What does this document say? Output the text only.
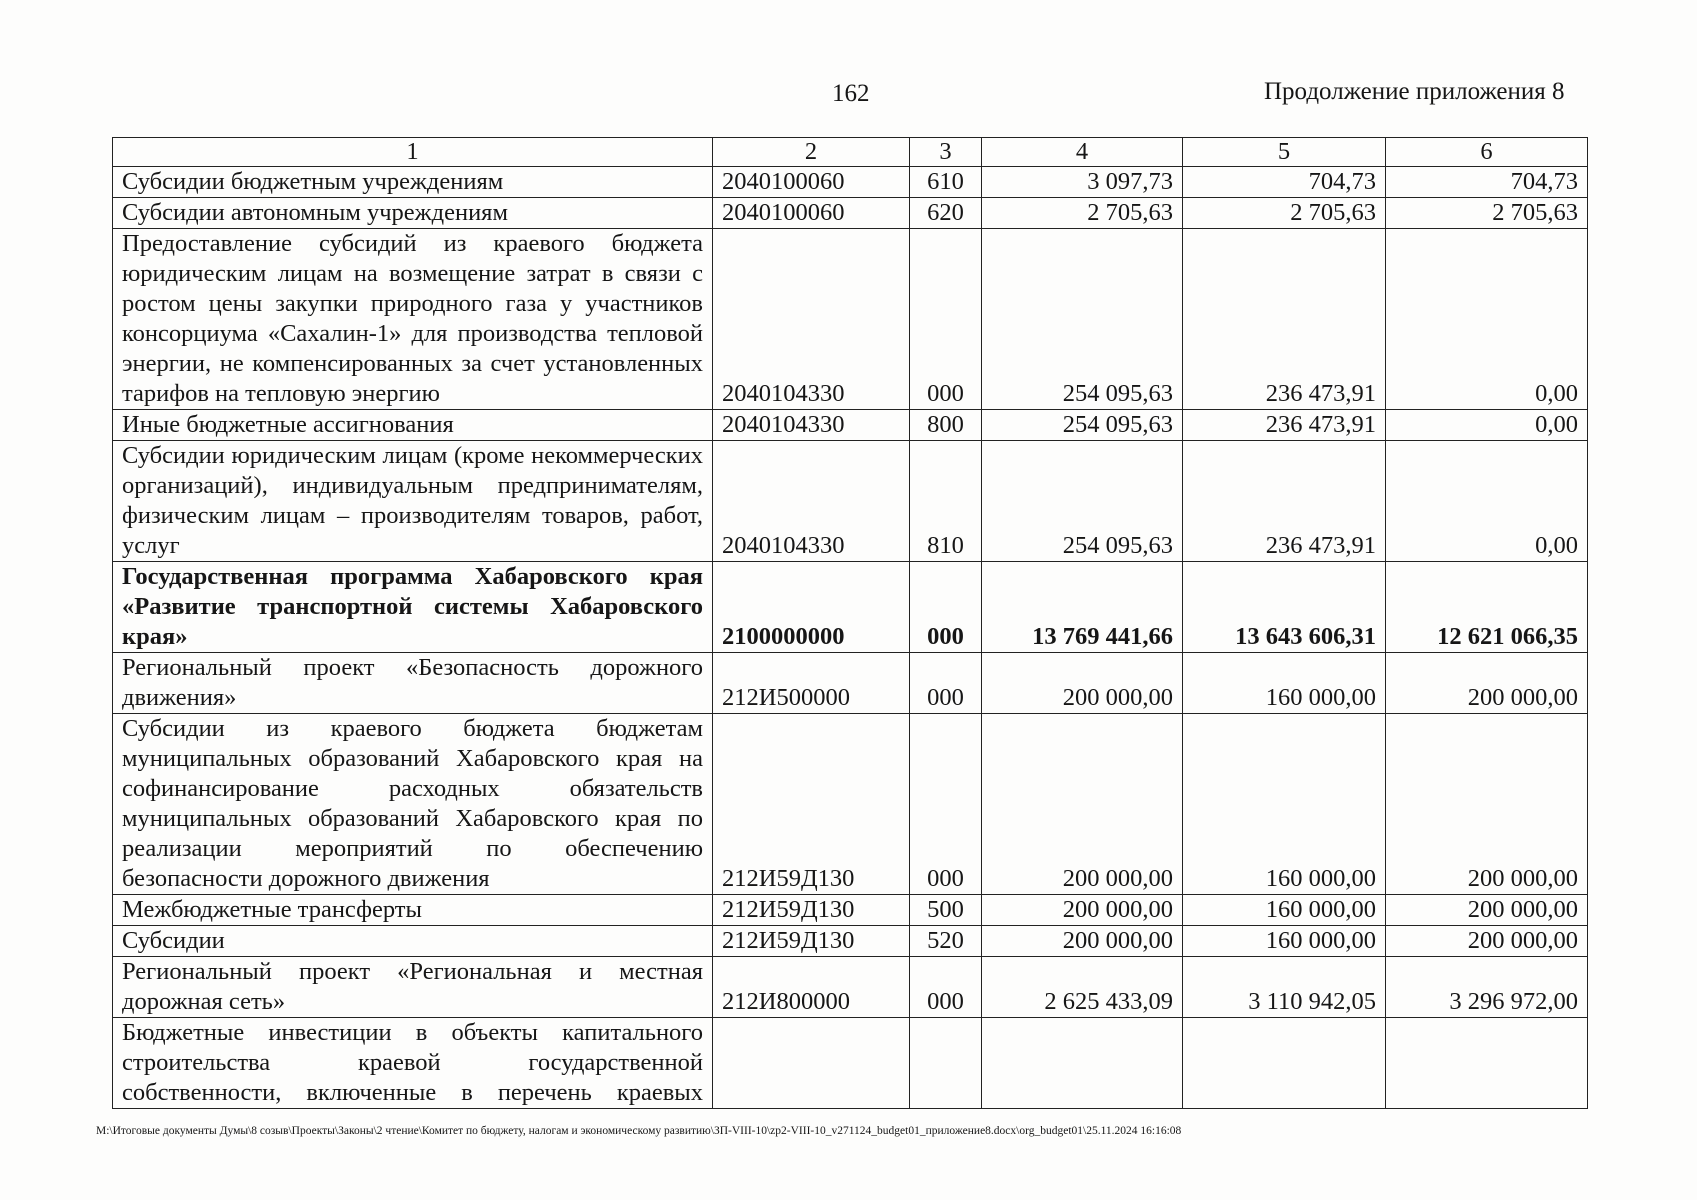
162	Продолжение приложения 8
1	2	3	4	5	6
Субсидии бюджетным учреждениям	2040100060	610	3 097,73	704,73	704,73
Субсидии автономным учреждениям	2040100060	620	2 705,63	2 705,63	2 705,63
Предоставление субсидий из краевого бюджета юридическим лицам на возмещение затрат в связи с ростом цены закупки природного газа у участников консорциума «Сахалин-1» для производства тепловой энергии, не компенсированных за счет установленных тарифов на тепловую энергию	2040104330	000	254 095,63	236 473,91	0,00
Иные бюджетные ассигнования	2040104330	800	254 095,63	236 473,91	0,00
Субсидии юридическим лицам (кроме некоммерческих организаций), индивидуальным предпринимателям, физическим лицам – производителям товаров, работ, услуг	2040104330	810	254 095,63	236 473,91	0,00
Государственная программа Хабаровского края «Развитие транспортной системы Хабаровского края»	2100000000	000	13 769 441,66	13 643 606,31	12 621 066,35
Региональный проект «Безопасность дорожного движения»	212И500000	000	200 000,00	160 000,00	200 000,00
Субсидии из краевого бюджета бюджетам муниципальных образований Хабаровского края на софинансирование расходных обязательств муниципальных образований Хабаровского края по реализации мероприятий по обеспечению безопасности дорожного движения	212И59Д130	000	200 000,00	160 000,00	200 000,00
Межбюджетные трансферты	212И59Д130	500	200 000,00	160 000,00	200 000,00
Субсидии	212И59Д130	520	200 000,00	160 000,00	200 000,00
Региональный проект «Региональная и местная дорожная сеть»	212И800000	000	2 625 433,09	3 110 942,05	3 296 972,00
Бюджетные инвестиции в объекты капитального строительства краевой государственной собственности, включенные в перечень краевых					
M:\Итоговые документы Думы\8 созыв\Проекты\Законы\2 чтение\Комитет по бюджету, налогам и экономическому развитию\ЗП-VIII-10\zp2-VIII-10_v271124_budget01_приложение8.docx\org_budget01\25.11.2024 16:16:08
